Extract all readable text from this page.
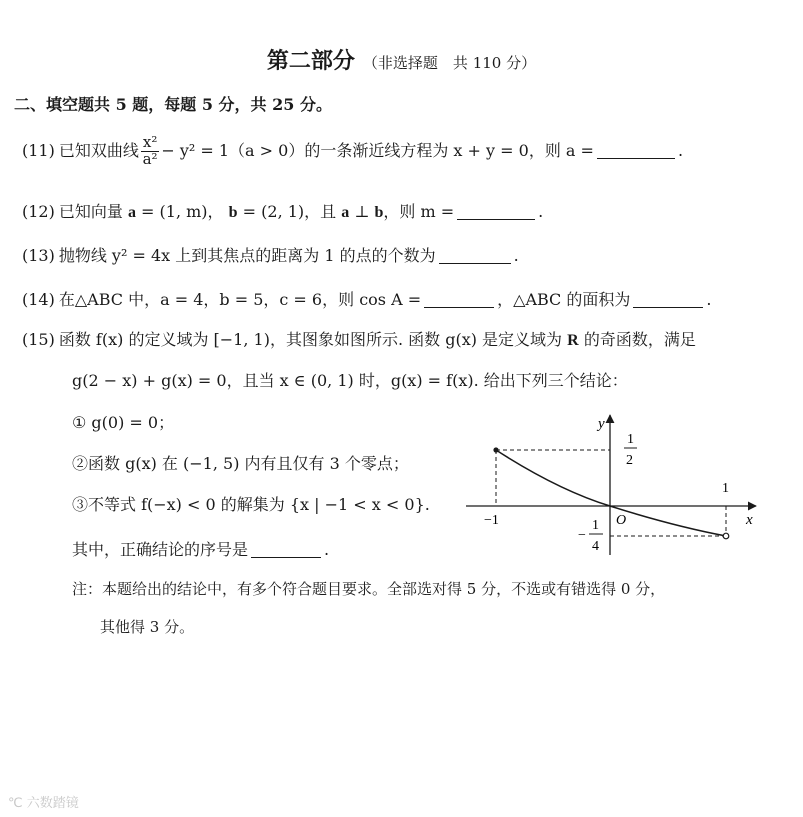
第二部分 （非选择题　共 110 分）
二、填空题共 5 题，每题 5 分，共 25 分。
(11) 已知双曲线 $\frac{\text{x²}}{\text{a²}} - y^2 = 1(a > 0)$的一条渐近线方程为 x + y = 0，则 a =	.
(12) 已知向量 a = (1, m)， b = (2, 1)，且 a ⊥ b，则 m =	.
(13) 抛物线 y² = 4x 上到其焦点的距离为 1 的点的个数为	.
(14) 在△ABC 中，a = 4，b = 5，c = 6，则 cos A =	，△ABC 的面积为	.
(15) 函数 f(x) 的定义域为 [−1, 1)，其图象如图所示. 函数 g(x) 是定义域为 R 的奇函数，满足
g(2 − x) + g(x) = 0，且当 x ∈ (0, 1) 时，g(x) = f(x). 给出下列三个结论：
① g(0) = 0；
②函数 g(x) 在 (−1, 5) 内有且仅有 3 个零点；
③不等式 f(−x) < 0 的解集为 {x | −1 < x < 0}.
其中，正确结论的序号是	.
y
x
O
1
2
−
1
4
−1
1
注：本题给出的结论中，有多个符合题目要求。全部选对得 5 分，不选或有错选得 0 分，
其他得 3 分。
℃ 六数踏镜
